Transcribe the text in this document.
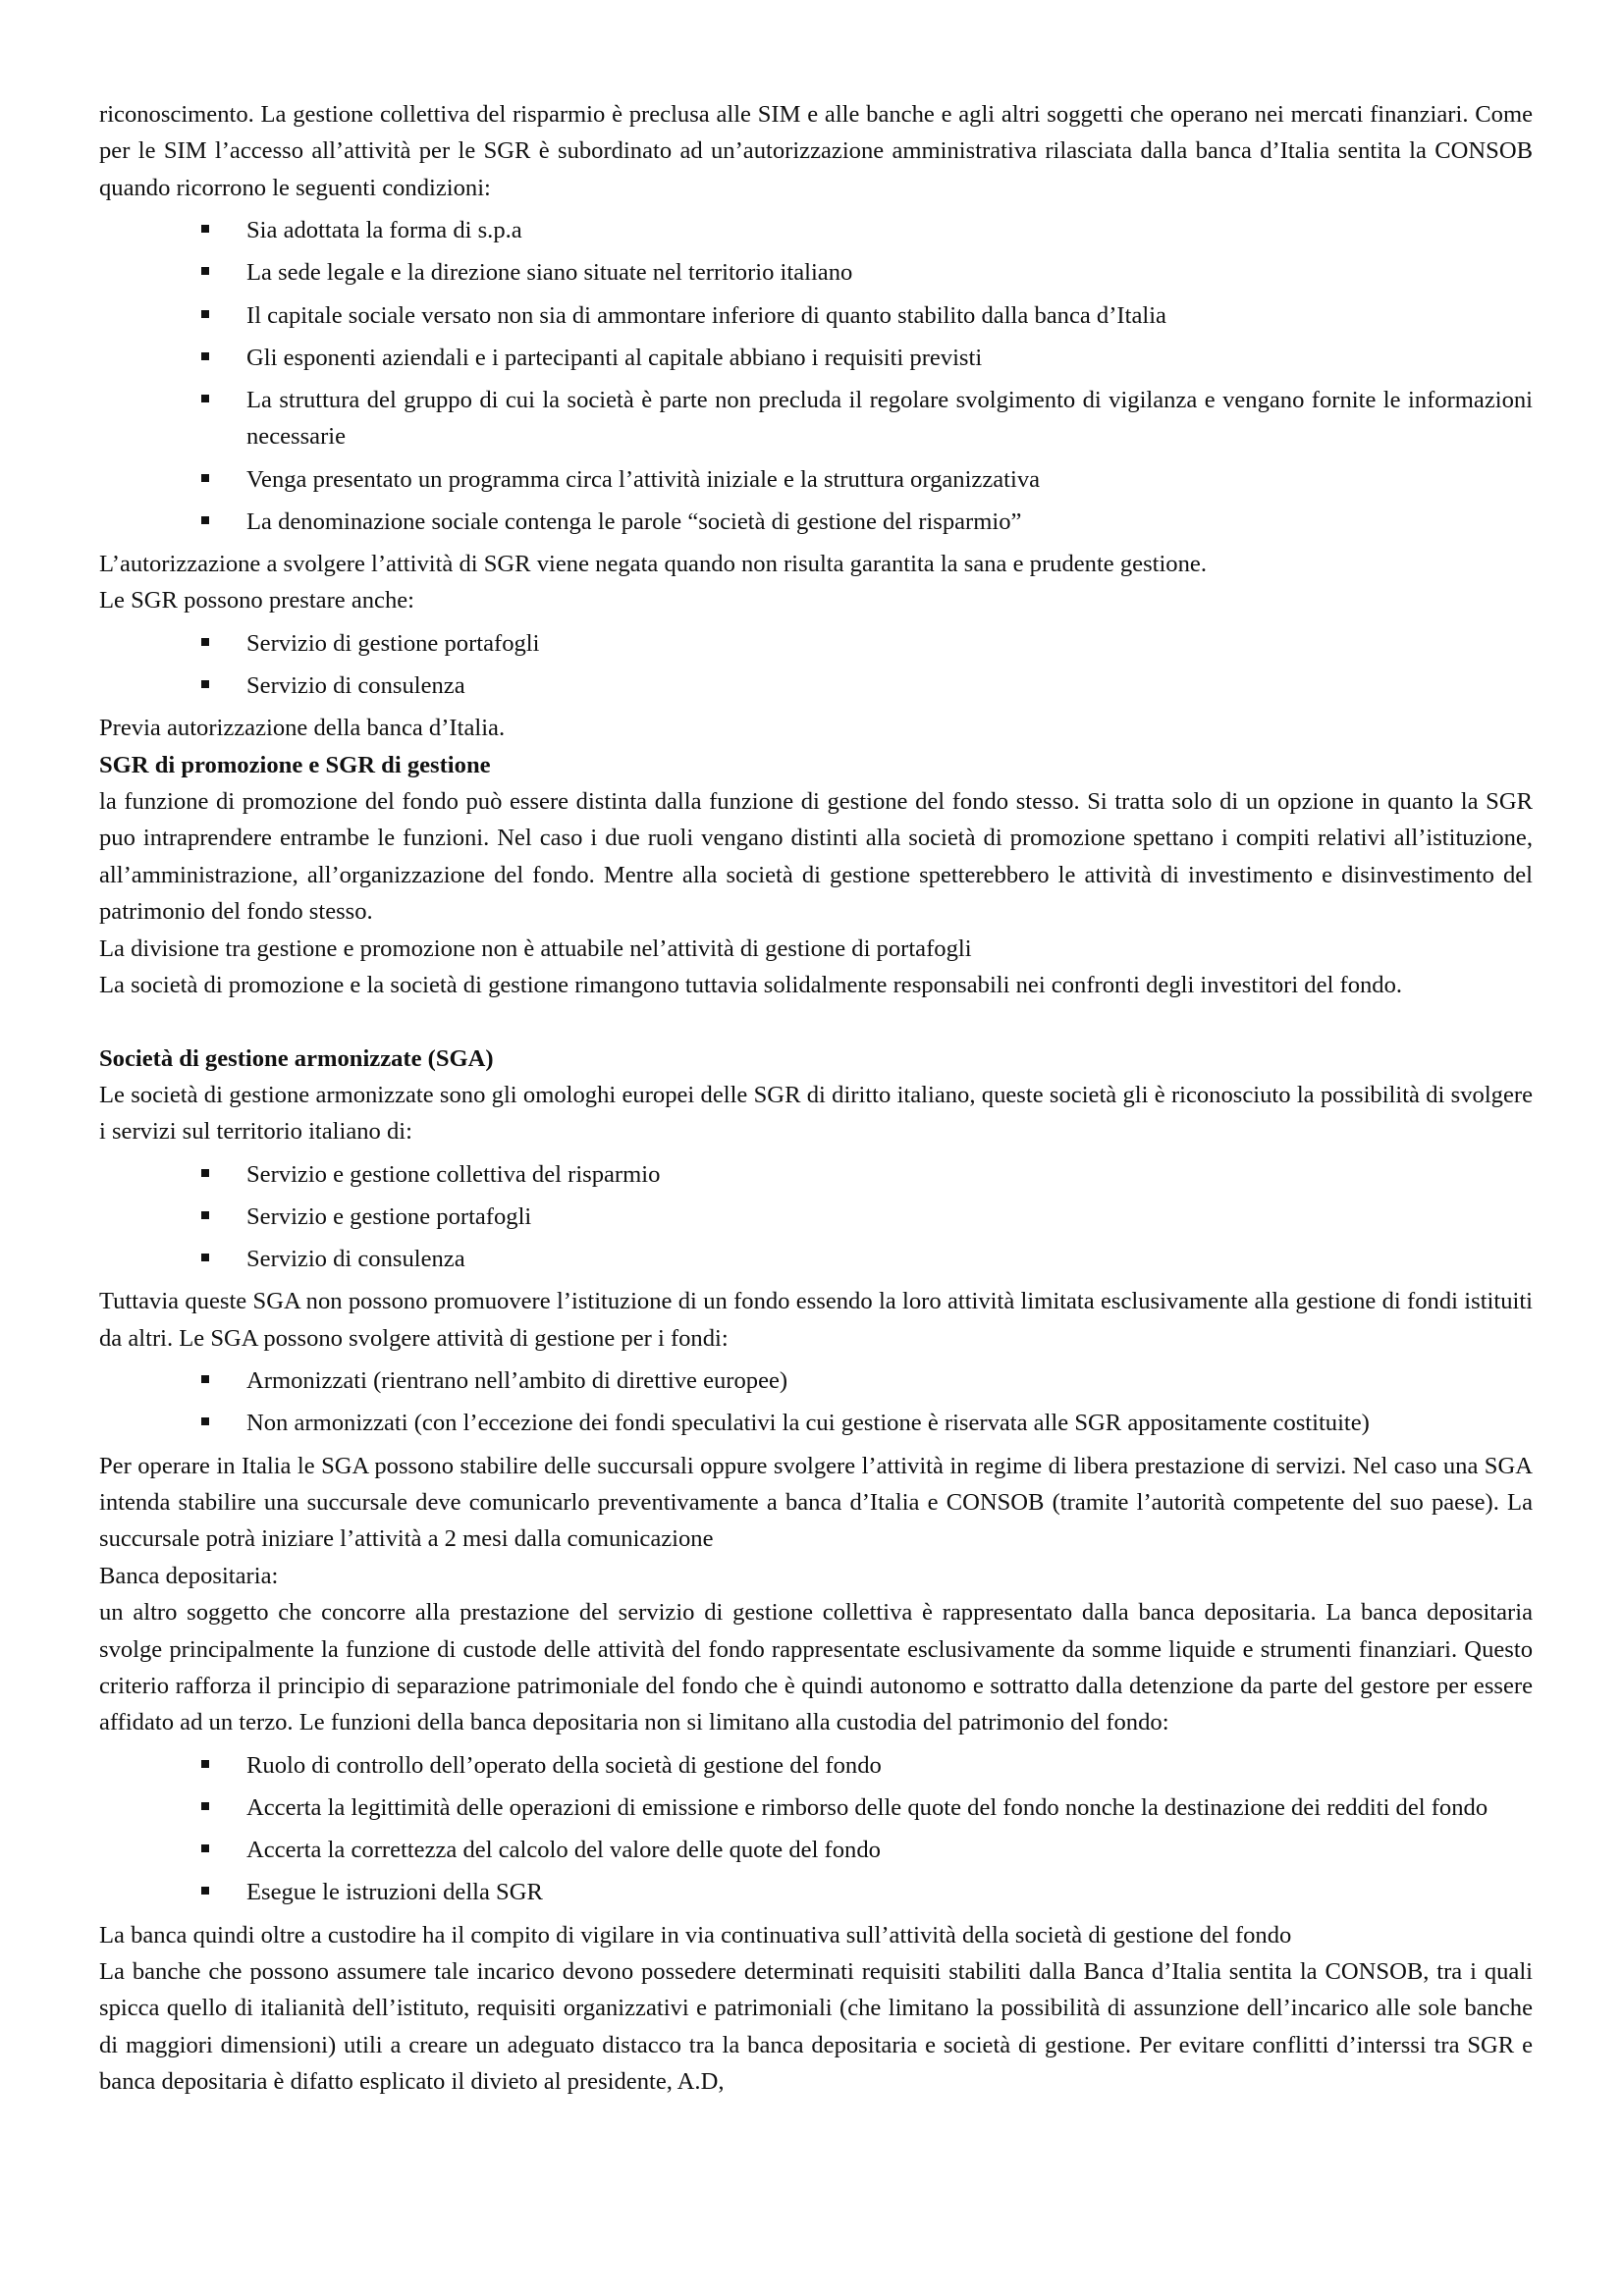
riconoscimento. La gestione collettiva del risparmio è preclusa alle SIM e alle banche e agli altri soggetti che operano nei mercati finanziari. Come per le SIM l’accesso all’attività per le SGR è subordinato ad un’autorizzazione amministrativa rilasciata dalla banca d’Italia sentita la CONSOB quando ricorrono le seguenti condizioni:

Sia adottata la forma di s.p.a
La sede legale e la direzione siano situate nel territorio italiano
Il capitale sociale versato non sia di ammontare inferiore di quanto stabilito dalla banca d’Italia
Gli esponenti aziendali e i partecipanti al capitale abbiano i requisiti previsti
La struttura del gruppo di cui la società è parte non precluda il regolare svolgimento di vigilanza e vengano fornite le informazioni necessarie
Venga presentato un programma circa l’attività iniziale e la struttura organizzativa
La denominazione sociale contenga le parole “società di gestione del risparmio”

L’autorizzazione a svolgere l’attività di SGR viene negata quando non risulta garantita la sana e prudente gestione.

Le SGR possono prestare anche:

Servizio di gestione portafogli
Servizio di consulenza

Previa autorizzazione della banca d’Italia.

SGR di promozione e SGR di gestione

la funzione di promozione del fondo può essere distinta dalla funzione di gestione del fondo stesso. Si tratta solo di un opzione in quanto la SGR puo intraprendere entrambe le funzioni. Nel caso i due ruoli vengano distinti alla società di promozione spettano i compiti relativi all’istituzione, all’amministrazione, all’organizzazione del fondo. Mentre alla società di gestione spetterebbero le attività di investimento e disinvestimento del patrimonio del fondo stesso.

La divisione tra gestione e promozione non è attuabile nel’attività di gestione di portafogli

La società di promozione e la società di gestione rimangono tuttavia solidalmente responsabili nei confronti degli investitori del fondo.

Società di gestione armonizzate (SGA)

Le società di gestione armonizzate sono gli omologhi europei delle SGR di diritto italiano, queste società gli è riconosciuto la possibilità di svolgere i servizi sul territorio italiano di:

Servizio e gestione collettiva del risparmio
Servizio e gestione portafogli
Servizio di consulenza

Tuttavia queste SGA non possono promuovere l’istituzione di un fondo essendo la loro attività limitata esclusivamente alla gestione di fondi istituiti da altri. Le SGA possono svolgere attività di gestione per i fondi:

Armonizzati (rientrano nell’ambito di direttive europee)
Non armonizzati (con l’eccezione dei fondi speculativi la cui gestione è riservata alle SGR appositamente costituite)

Per operare in Italia le SGA possono stabilire delle succursali oppure svolgere l’attività in regime di libera prestazione di servizi. Nel caso una SGA intenda stabilire una succursale deve comunicarlo preventivamente a banca d’Italia e CONSOB (tramite l’autorità competente del suo paese). La succursale potrà iniziare l’attività a 2 mesi dalla comunicazione

Banca depositaria:

un altro soggetto che concorre alla prestazione del servizio di gestione collettiva è rappresentato dalla banca depositaria. La banca depositaria svolge principalmente la funzione di custode delle attività del fondo rappresentate esclusivamente da somme liquide e strumenti finanziari. Questo criterio rafforza il principio di separazione patrimoniale del fondo che è quindi autonomo e sottratto dalla detenzione da parte del gestore per essere affidato ad un terzo. Le funzioni della banca depositaria non si limitano alla custodia del patrimonio del fondo:

Ruolo di controllo dell’operato della società di gestione del fondo
Accerta la legittimità delle operazioni di emissione e rimborso delle quote del fondo nonche la destinazione dei redditi del fondo
Accerta la correttezza del calcolo del valore delle quote del fondo
Esegue le istruzioni della SGR

La banca quindi oltre a custodire ha il compito di vigilare in via continuativa sull’attività della società di gestione del fondo

La banche che possono assumere tale incarico devono possedere determinati requisiti stabiliti dalla Banca d’Italia sentita la CONSOB, tra i quali spicca quello di italianità dell’istituto, requisiti organizzativi e patrimoniali (che limitano la possibilità di assunzione dell’incarico alle sole banche di maggiori dimensioni) utili a creare un adeguato distacco tra la banca depositaria e società di gestione. Per evitare conflitti d’interssi tra SGR e banca depositaria è difatto esplicato il divieto al presidente, A.D,
